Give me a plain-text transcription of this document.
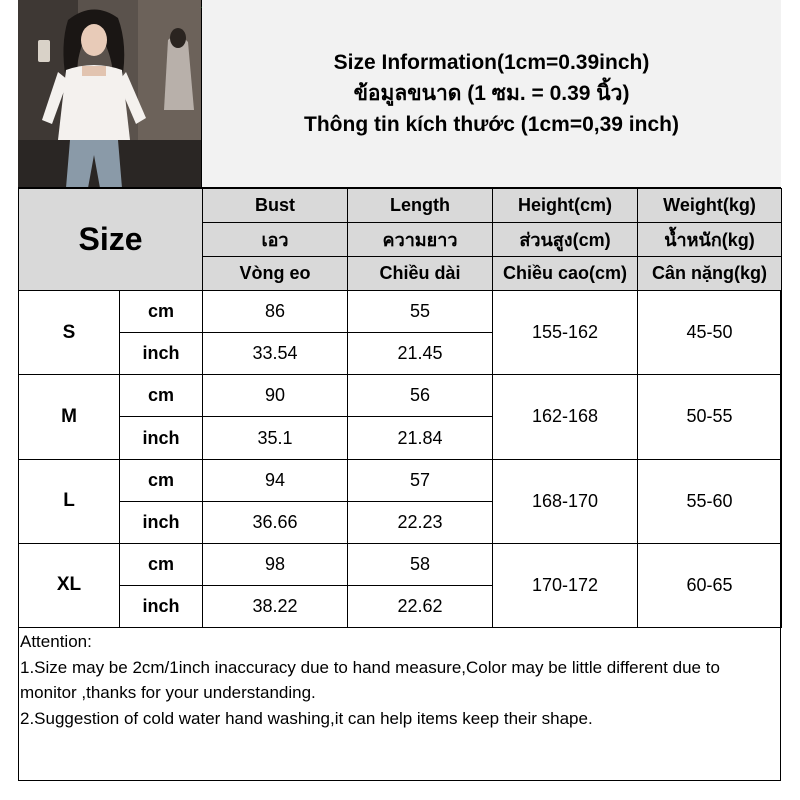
Size Information(1cm=0.39inch)
ข้อมูลขนาด (1 ซม. = 0.39 นิ้ว)
Thông tin kích thước (1cm=0,39 inch)
Size		Bust	Length	Height(cm)	Weight(kg)
		เอว	ความยาว	ส่วนสูง(cm)	น้ำหนัก(kg)
		Vòng eo	Chiều dài	Chiều cao(cm)	Cân nặng(kg)
S	cm	86	55	155-162	45-50
	inch	33.54	21.45		
M	cm	90	56	162-168	50-55
	inch	35.1	21.84		
L	cm	94	57	168-170	55-60
	inch	36.66	22.23		
XL	cm	98	58	170-172	60-65
	inch	38.22	22.62		
Attention:
1.Size may be 2cm/1inch inaccuracy due to hand measure,Color may be little different due to monitor ,thanks for your understanding.
2.Suggestion of cold water hand washing,it can help items keep their shape.
